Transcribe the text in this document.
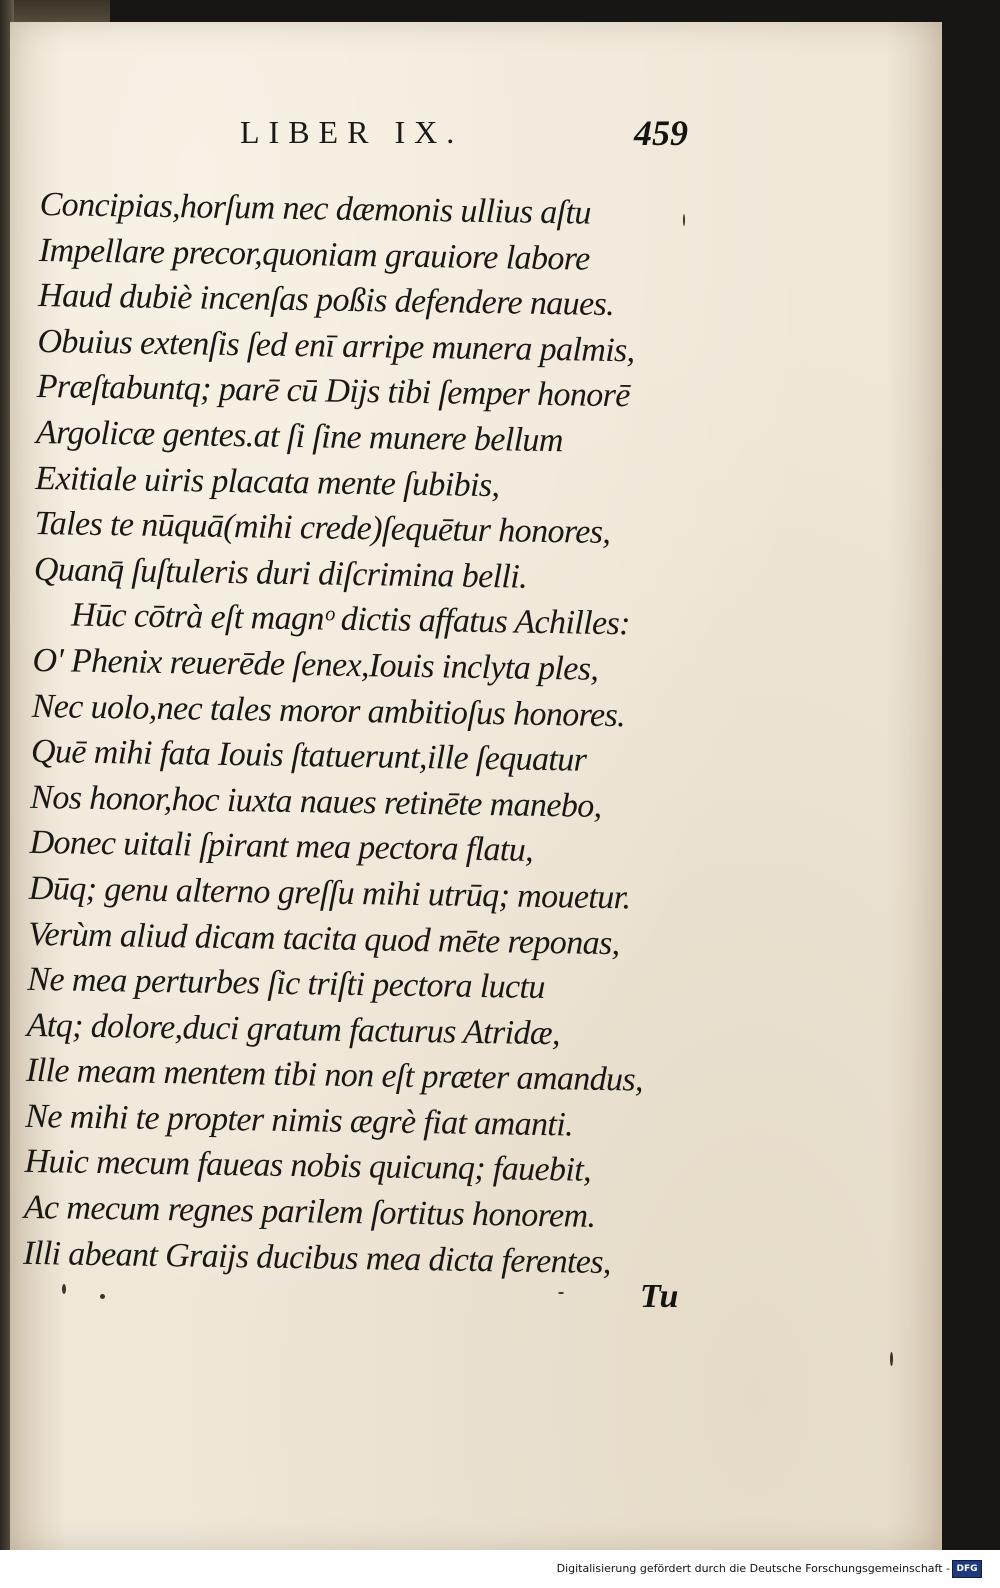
LIBER IX.	459
Concipias,horſum nec dæmonis ullius aſtu
Impellare precor,quoniam grauiore labore
Haud dubiè incenſas poßis defendere naues.
Obuius extenſis ſed enī arripe munera palmis,
Præſtabuntq; parē cū Dijs tibi ſemper honorē
Argolicæ gentes.at ſi ſine munere bellum
Exitiale uiris placata mente ſubibis,
Tales te nūquā(mihi crede)ſequētur honores,
Quanq̄ ſuſtuleris duri diſcrimina belli.
Hūc cōtrà eſt magnᵒ dictis affatus Achilles:
O' Phenix reuerēde ſenex,Iouis inclyta ples,
Nec uolo,nec tales moror ambitioſus honores.
Quē mihi fata Iouis ſtatuerunt,ille ſequatur
Nos honor,hoc iuxta naues retinēte manebo,
Donec uitali ſpirant mea pectora flatu,
Dūq; genu alterno greſſu mihi utrūq; mouetur.
Verùm aliud dicam tacita quod mēte reponas,
Ne mea perturbes ſic triſti pectora luctu
Atq; dolore,duci gratum facturus Atridæ,
Ille meam mentem tibi non eſt præter amandus,
Ne mihi te propter nimis ægrè fiat amanti.
Huic mecum faueas nobis quicunq; fauebit,
Ac mecum regnes parilem ſortitus honorem.
Illi abeant Graijs ducibus mea dicta ferentes,
Tu
Digitalisierung gefördert durch die Deutsche Forschungsgemeinschaft - DFG
